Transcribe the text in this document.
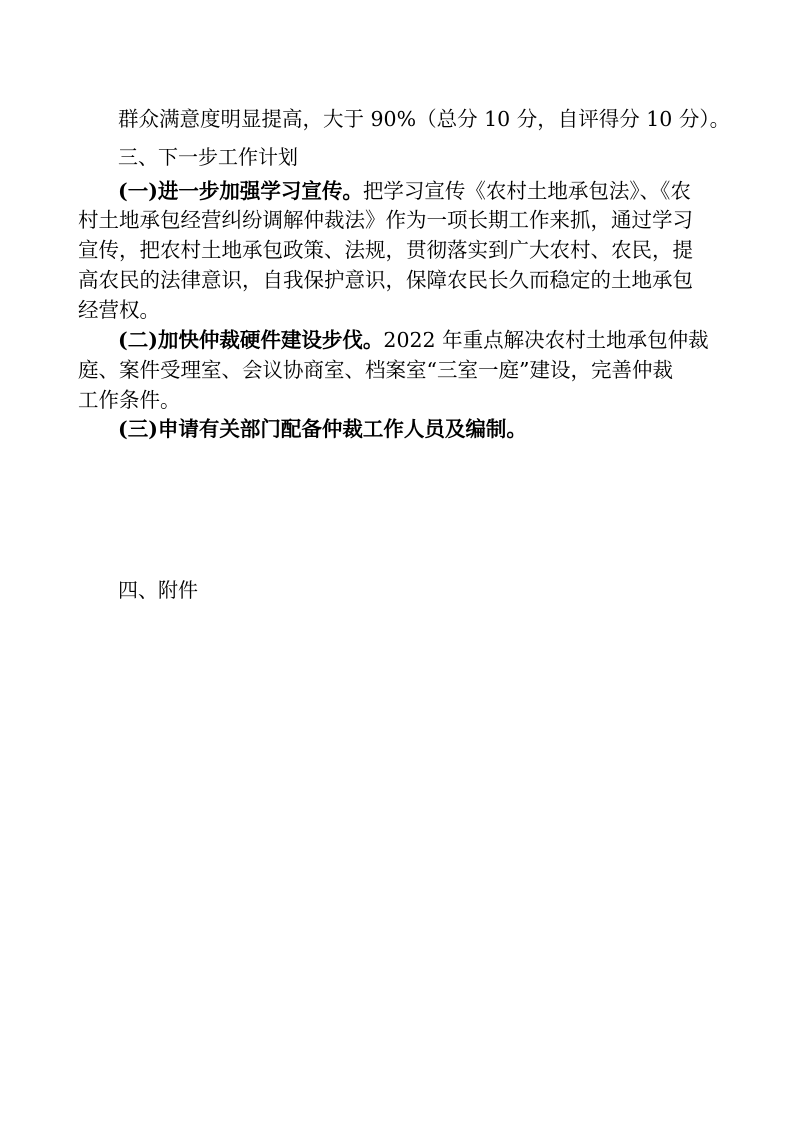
群众满意度明显提高，大于 90%（总分 10 分，自评得分 10 分）。
三、下一步工作计划
(一)进一步加强学习宣传。把学习宣传《农村土地承包法》、《农
村土地承包经营纠纷调解仲裁法》作为一项长期工作来抓，通过学习
宣传，把农村土地承包政策、法规，贯彻落实到广大农村、农民，提
高农民的法律意识，自我保护意识，保障农民长久而稳定的土地承包
经营权。
(二)加快仲裁硬件建设步伐。2022 年重点解决农村土地承包仲裁
庭、案件受理室、会议协商室、档案室“三室一庭”建设，完善仲裁
工作条件。
(三)申请有关部门配备仲裁工作人员及编制。
四、附件
